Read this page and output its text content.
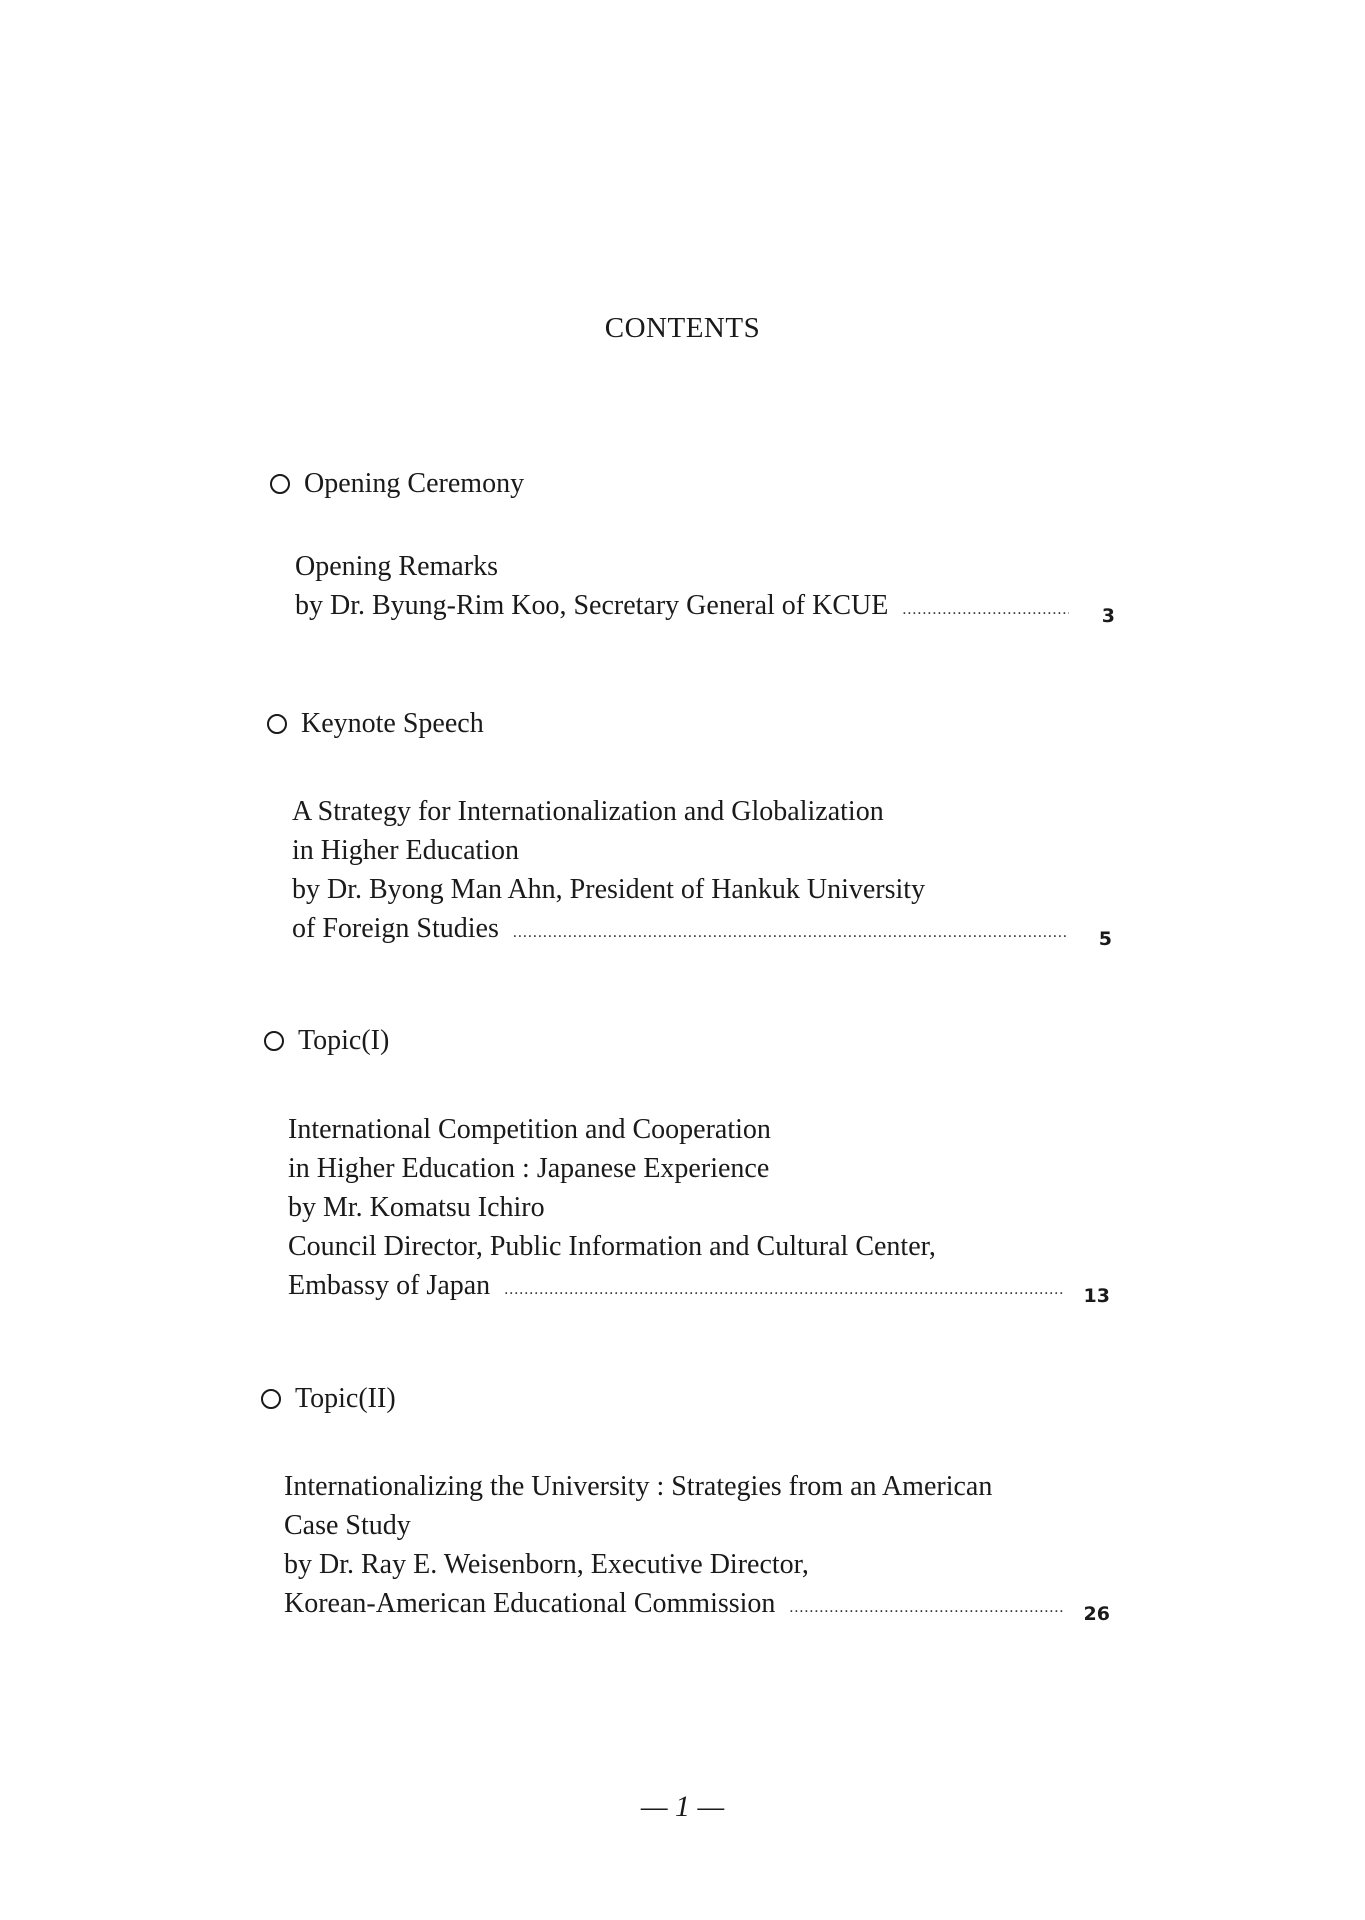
CONTENTS
Opening Ceremony
Opening Remarks
by Dr. Byung-Rim Koo, Secretary General of KCUE .....	3
Keynote Speech
A Strategy for Internationalization and Globalization
in Higher Education
by Dr. Byong Man Ahn, President of Hankuk University
of Foreign Studies .....	5
Topic(I)
International Competition and Cooperation
in Higher Education : Japanese Experience
by Mr. Komatsu Ichiro
Council Director, Public Information and Cultural Center,
Embassy of Japan .....	13
Topic(II)
Internationalizing the University : Strategies from an American
Case Study
by Dr. Ray E. Weisenborn, Executive Director,
Korean-American Educational Commission .....	26
— 1 —
